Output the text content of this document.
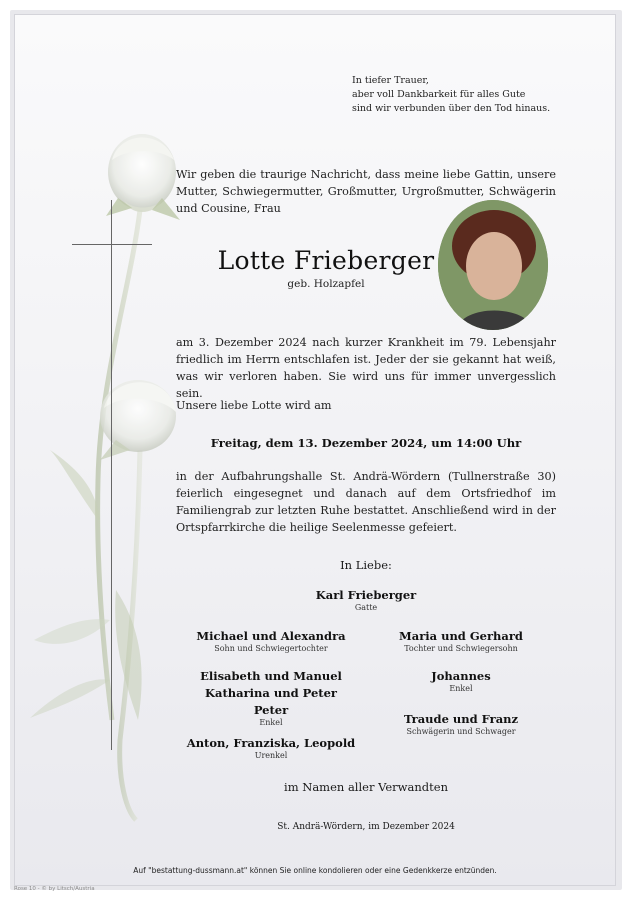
In tiefer Trauer,
aber voll Dankbarkeit für alles Gute
sind wir verbunden über den Tod hinaus.
Wir geben die traurige Nachricht, dass meine liebe Gattin, unsere Mutter, Schwiegermutter, Großmutter, Urgroßmutter, Schwägerin und Cousine, Frau
Lotte Frieberger
geb. Holzapfel
am 3. Dezember 2024 nach kurzer Krankheit im 79. Lebensjahr friedlich im Herrn entschlafen ist. Jeder der sie gekannt hat weiß, was wir verloren haben. Sie wird uns für immer unvergesslich sein.
Unsere liebe Lotte wird am
Freitag, dem 13. Dezember 2024, um 14:00 Uhr
in der Aufbahrungshalle St. Andrä-Wördern (Tullnerstraße 30) feierlich eingesegnet und danach auf dem Ortsfriedhof im Familiengrab zur letzten Ruhe bestattet. Anschließend wird in der Ortspfarrkirche die heilige Seelenmesse gefeiert.
In Liebe:
Karl Frieberger
Gatte
Michael und Alexandra
Sohn und Schwiegertochter
Elisabeth und Manuel
Katharina und Peter
Peter
Enkel
Anton, Franziska, Leopold
Urenkel
Maria und Gerhard
Tochter und Schwiegersohn
Johannes
Enkel
Traude und Franz
Schwägerin und Schwager
im Namen aller Verwandten
St. Andrä-Wördern, im Dezember 2024
Auf "bestattung-dussmann.at" können Sie online kondolieren oder eine Gedenkkerze entzünden.
Rose 10 - © by Litsch/Austria
